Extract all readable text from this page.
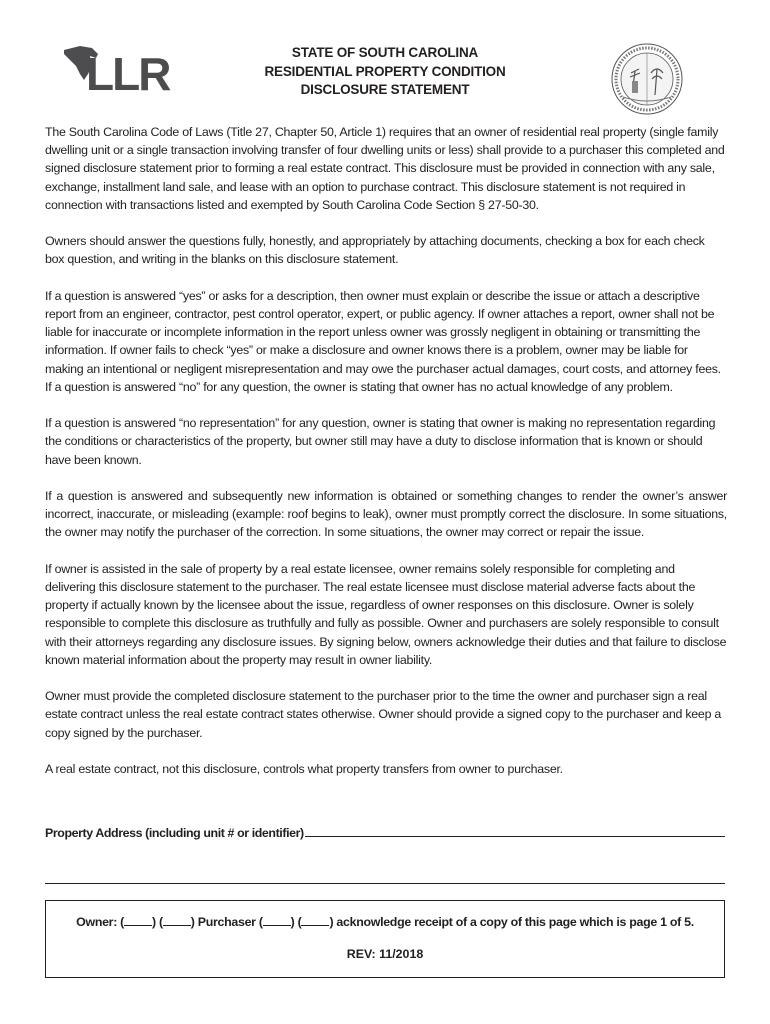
LLR	STATE OF SOUTH CAROLINA
RESIDENTIAL PROPERTY CONDITION
DISCLOSURE STATEMENT

The South Carolina Code of Laws (Title 27, Chapter 50, Article 1) requires that an owner of residential real property (single family dwelling unit or a single transaction involving transfer of four dwelling units or less) shall provide to a purchaser this completed and signed disclosure statement prior to forming a real estate contract. This disclosure must be provided in connection with any sale, exchange, installment land sale, and lease with an option to purchase contract. This disclosure statement is not required in connection with transactions listed and exempted by South Carolina Code Section § 27-50-30.

Owners should answer the questions fully, honestly, and appropriately by attaching documents, checking a box for each check box question, and writing in the blanks on this disclosure statement.

If a question is answered “yes” or asks for a description, then owner must explain or describe the issue or attach a descriptive report from an engineer, contractor, pest control operator, expert, or public agency. If owner attaches a report, owner shall not be liable for inaccurate or incomplete information in the report unless owner was grossly negligent in obtaining or transmitting the information. If owner fails to check “yes” or make a disclosure and owner knows there is a problem, owner may be liable for making an intentional or negligent misrepresentation and may owe the purchaser actual damages, court costs, and attorney fees. If a question is answered “no” for any question, the owner is stating that owner has no actual knowledge of any problem.

If a question is answered “no representation” for any question, owner is stating that owner is making no representation regarding the conditions or characteristics of the property, but owner still may have a duty to disclose information that is known or should have been known.

If a question is answered and subsequently new information is obtained or something changes to render the owner’s answer incorrect, inaccurate, or misleading (example: roof begins to leak), owner must promptly correct the disclosure. In some situations, the owner may notify the purchaser of the correction. In some situations, the owner may correct or repair the issue.

If owner is assisted in the sale of property by a real estate licensee, owner remains solely responsible for completing and delivering this disclosure statement to the purchaser. The real estate licensee must disclose material adverse facts about the property if actually known by the licensee about the issue, regardless of owner responses on this disclosure. Owner is solely responsible to complete this disclosure as truthfully and fully as possible. Owner and purchasers are solely responsible to consult with their attorneys regarding any disclosure issues. By signing below, owners acknowledge their duties and that failure to disclose known material information about the property may result in owner liability.

Owner must provide the completed disclosure statement to the purchaser prior to the time the owner and purchaser sign a real estate contract unless the real estate contract states otherwise. Owner should provide a signed copy to the purchaser and keep a copy signed by the purchaser.

A real estate contract, not this disclosure, controls what property transfers from owner to purchaser.

Property Address (including unit # or identifier)
Owner: ( ) ( ) Purchaser ( ) ( ) acknowledge receipt of a copy of this page which is page 1 of 5.
REV: 11/2018
